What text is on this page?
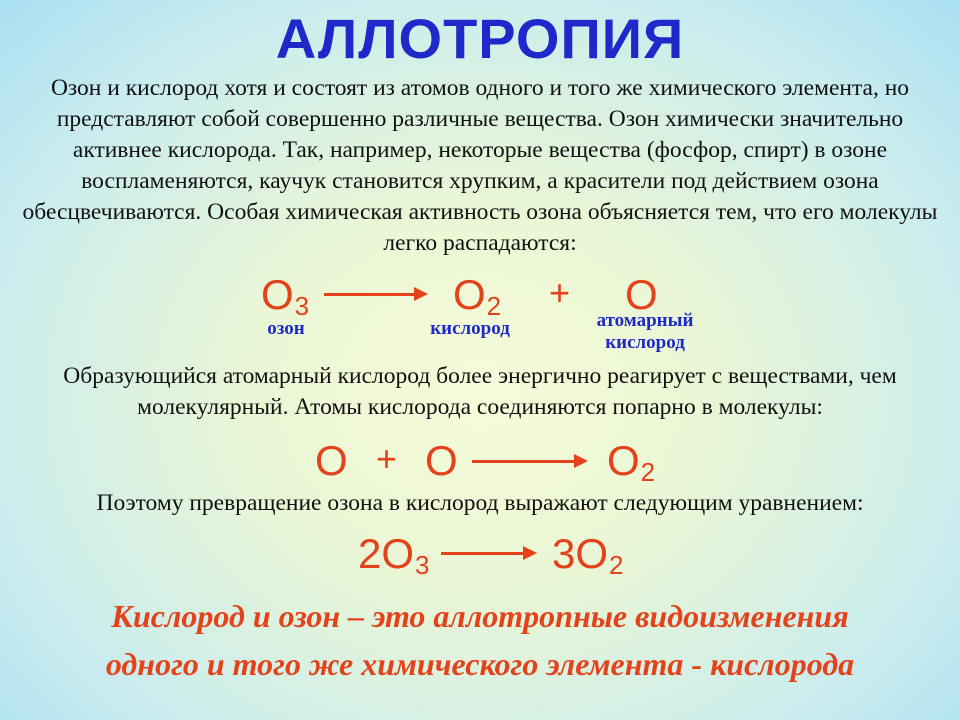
АЛЛОТРОПИЯ

Озон и кислород хотя и состоят из атомов одного и того же химического элемента, но представляют собой совершенно различные вещества. Озон химически значительно активнее кислорода. Так, например, некоторые вещества (фосфор, спирт) в озоне воспламеняются, каучук становится хрупким, а красители под действием озона обесцвечиваются. Особая химическая активность озона объясняется тем, что его молекулы легко распадаются:

$O_3$	$O_2 + O$
озон	кислород	атомарный
кислород

Образующийся атомарный кислород более энергично реагирует с веществами, чем молекулярный. Атомы кислорода соединяются попарно в молекулы:

O + O	$O_2$

Поэтому превращение озона в кислород выражают следующим уравнением:

$2O_3$	$3O_2$
Кислород и озон – это аллотропные видоизменения
одного и того же химического элемента - кислорода
